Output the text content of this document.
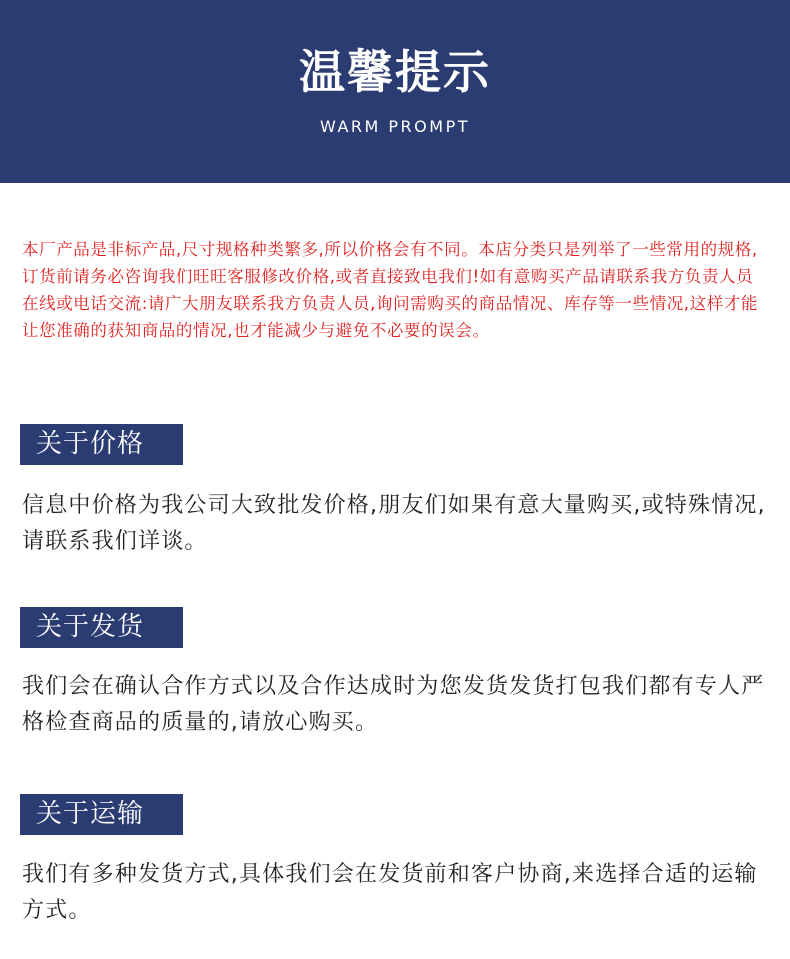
温馨提示
WARM PROMPT

本厂产品是非标产品,尺寸规格种类繁多,所以价格会有不同。本店分类只是列举了一些常用的规格,订货前请务必咨询我们旺旺客服修改价格,或者直接致电我们!如有意购买产品请联系我方负责人员

在线或电话交流:请广大朋友联系我方负责人员,询问需购买的商品情况、库存等一些情况,这样才能让您准确的获知商品的情况,也才能减少与避免不必要的误会。

关于价格
信息中价格为我公司大致批发价格,朋友们如果有意大量购买,或特殊情况,请联系我们详谈。
关于发货
我们会在确认合作方式以及合作达成时为您发货发货打包我们都有专人严格检查商品的质量的,请放心购买。
关于运输
我们有多种发货方式,具体我们会在发货前和客户协商,来选择合适的运输方式。
